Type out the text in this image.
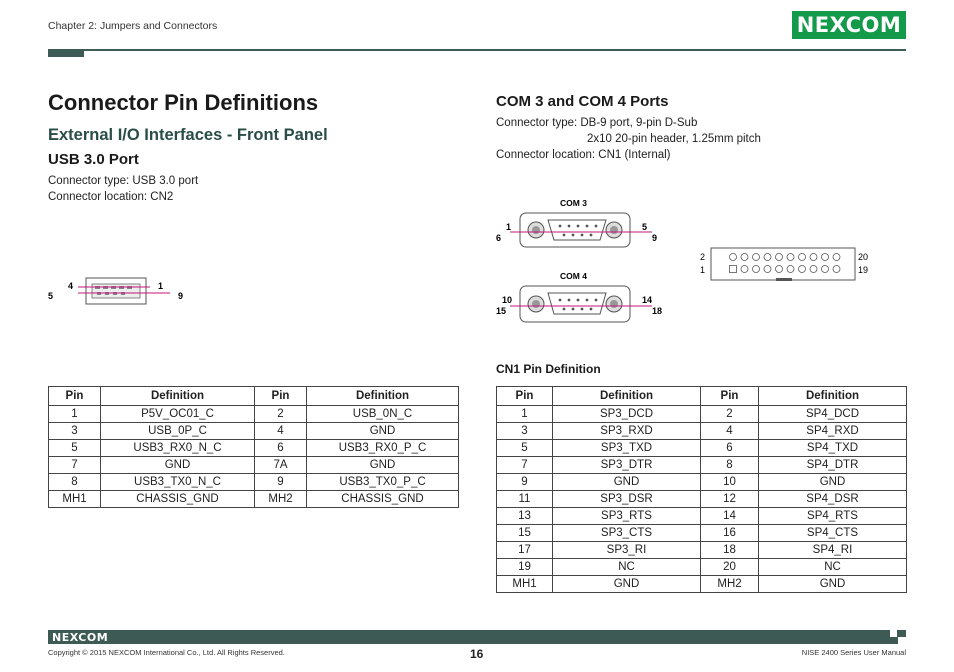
Chapter 2: Jumpers and Connectors	NEXCOM
Connector Pin Definitions
External I/O Interfaces - Front Panel
USB 3.0 Port
Connector type: USB 3.0 port
Connector location: CN2
4	1
5	9
Pin	Definition	Pin	Definition
1	P5V_OC01_C	2	USB_0N_C
3	USB_0P_C	4	GND
5	USB3_RX0_N_C	6	USB3_RX0_P_C
7	GND	7A	GND
8	USB3_TX0_N_C	9	USB3_TX0_P_C
MH1	CHASSIS_GND	MH2	CHASSIS_GND
COM 3 and COM 4 Ports
Connector type: DB-9 port, 9-pin D-Sub
2x10 20-pin header, 1.25mm pitch
Connector location: CN1 (Internal)
COM 3
1	5
6	9
COM 4
10	14
15	18
2
1
20
19
CN1 Pin Definition
Pin	Definition	Pin	Definition
1	SP3_DCD	2	SP4_DCD
3	SP3_RXD	4	SP4_RXD
5	SP3_TXD	6	SP4_TXD
7	SP3_DTR	8	SP4_DTR
9	GND	10	GND
11	SP3_DSR	12	SP4_DSR
13	SP3_RTS	14	SP4_RTS
15	SP3_CTS	16	SP4_CTS
17	SP3_RI	18	SP4_RI
19	NC	20	NC
MH1	GND	MH2	GND
NEXCOM
Copyright © 2015 NEXCOM International Co., Ltd. All Rights Reserved.	16	NISE 2400 Series User Manual
